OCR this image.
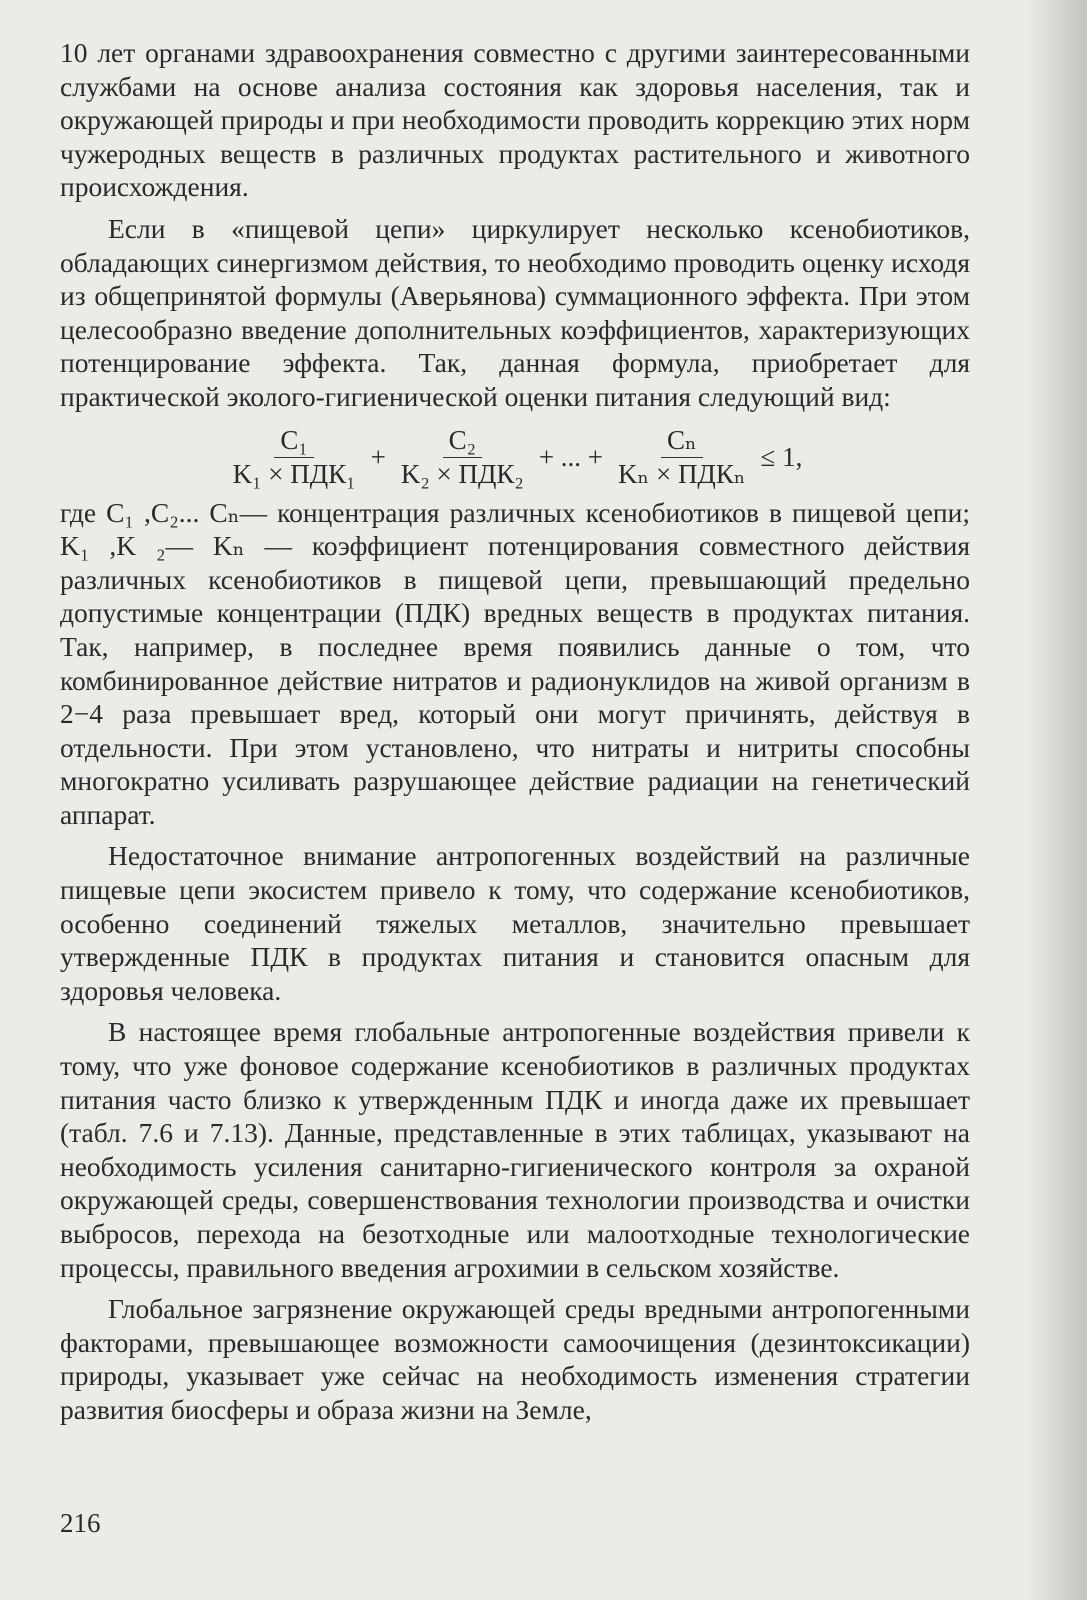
10 лет органами здравоохранения совместно с другими заинтересованными службами на основе анализа состояния как здоровья населения, так и окружающей природы и при необходимости проводить коррекцию этих норм чужеродных веществ в различных продуктах растительного и животного происхождения.

Если в «пищевой цепи» циркулирует несколько ксенобиотиков, обладающих синергизмом действия, то необходимо проводить оценку исходя из общепринятой формулы (Аверьянова) суммационного эффекта. При этом целесообразно введение дополнительных коэффициентов, характеризующих потенцирование эффекта. Так, данная формула, приобретает для практической эколого-гигиенической оценки питания следующий вид:

$\frac{\text{C₁}}{\text{K₁ × ПДК₁}} + \frac{\text{C₂}}{\text{K₂ × ПДК₂}}$ + ... + $\frac{\text{Cₙ}}{\text{Kₙ × ПДКₙ}} \le 1$,

где C₁ ,C₂... Cₙ— концентрация различных ксенобиотиков в пищевой цепи; K₁ ,K ₂— Kₙ — коэффициент потенцирования совместного действия различных ксенобиотиков в пищевой цепи, превышающий предельно допустимые концентрации (ПДК) вредных веществ в продуктах питания. Так, например, в последнее время появились данные о том, что комбинированное действие нитратов и радионуклидов на живой организм в 2−4 раза превышает вред, который они могут причинять, действуя в отдельности. При этом установлено, что нитраты и нитриты способны многократно усиливать разрушающее действие радиации на генетический аппарат.

Недостаточное внимание антропогенных воздействий на различные пищевые цепи экосистем привело к тому, что содержание ксенобиотиков, особенно соединений тяжелых металлов, значительно превышает утвержденные ПДК в продуктах питания и становится опасным для здоровья человека.

В настоящее время глобальные антропогенные воздействия привели к тому, что уже фоновое содержание ксенобиотиков в различных продуктах питания часто близко к утвержденным ПДК и иногда даже их превышает (табл. 7.6 и 7.13). Данные, представленные в этих таблицах, указывают на необходимость усиления санитарно-гигиенического контроля за охраной окружающей среды, совершенствования технологии производства и очистки выбросов, перехода на безотходные или малоотходные технологические процессы, правильного введения агрохимии в сельском хозяйстве.

Глобальное загрязнение окружающей среды вредными антропогенными факторами, превышающее возможности самоочищения (дезинтоксикации) природы, указывает уже сейчас на необходимость изменения стратегии развития биосферы и образа жизни на Земле,

216
